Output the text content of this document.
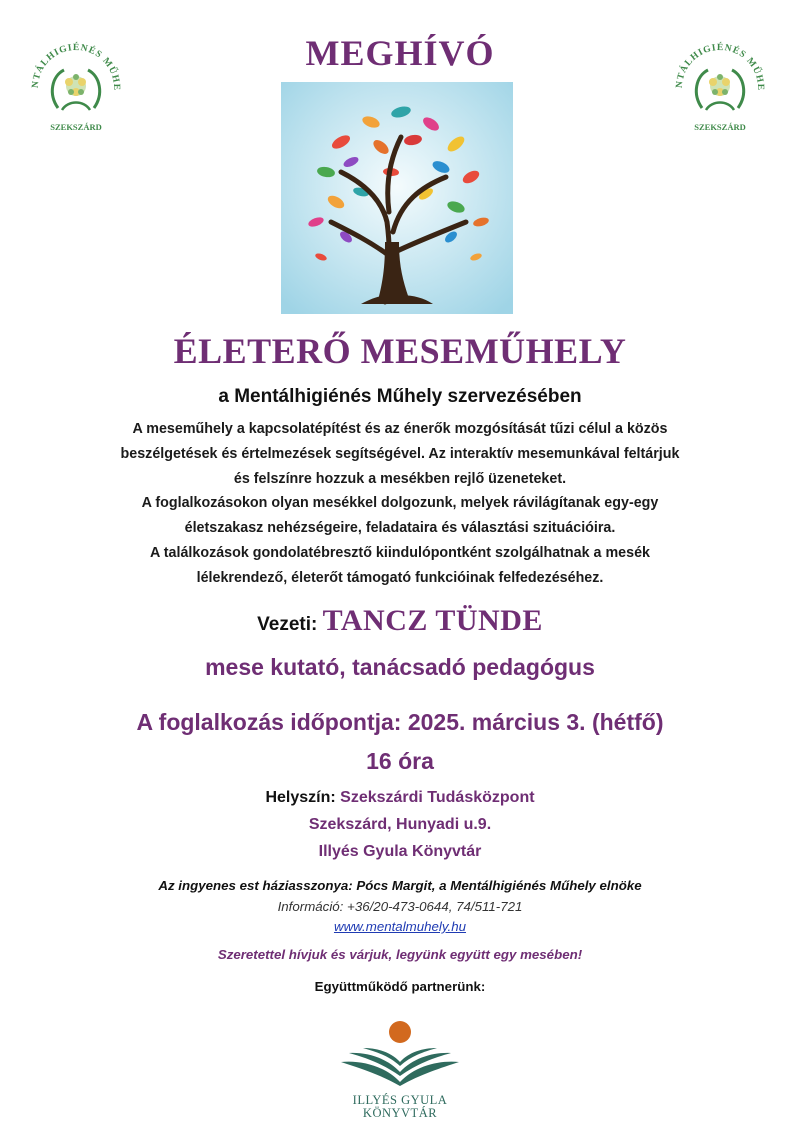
NTÁLHIGIÉNÉS MŰHE
SZEKSZÁRD
NTÁLHIGIÉNÉS MŰHE
SZEKSZÁRD
MEGHÍVÓ
ÉLETERŐ MESEMŰHELY
a Mentálhigiénés Műhely szervezésében
A meseműhely a kapcsolatépítést és az énerők mozgósítását tűzi célul a közös
beszélgetések és értelmezések segítségével. Az interaktív mesemunkával feltárjuk
és felszínre hozzuk a mesékben rejlő üzeneteket.
A foglalkozásokon olyan mesékkel dolgozunk, melyek rávilágítanak egy-egy
életszakasz nehézségeire, feladataira és választási szituációira.
A találkozások gondolatébresztő kiindulópontként szolgálhatnak a mesék
lélekrendező, életerőt támogató funkcióinak felfedezéséhez.
Vezeti: TANCZ TÜNDE
mese kutató, tanácsadó pedagógus
A foglalkozás időpontja: 2025. március 3. (hétfő)
16 óra
Helyszín: Szekszárdi Tudásközpont
Szekszárd, Hunyadi u.9.
Illyés Gyula Könyvtár
Az ingyenes est háziasszonya: Pócs Margit, a Mentálhigiénés Műhely elnöke
Információ: +36/20-473-0644, 74/511-721
www.mentalmuhely.hu
Szeretettel hívjuk és várjuk, legyünk együtt egy mesében!
Együttműködő partnerünk:
ILLYÉS GYULA
KÖNYVTÁR
